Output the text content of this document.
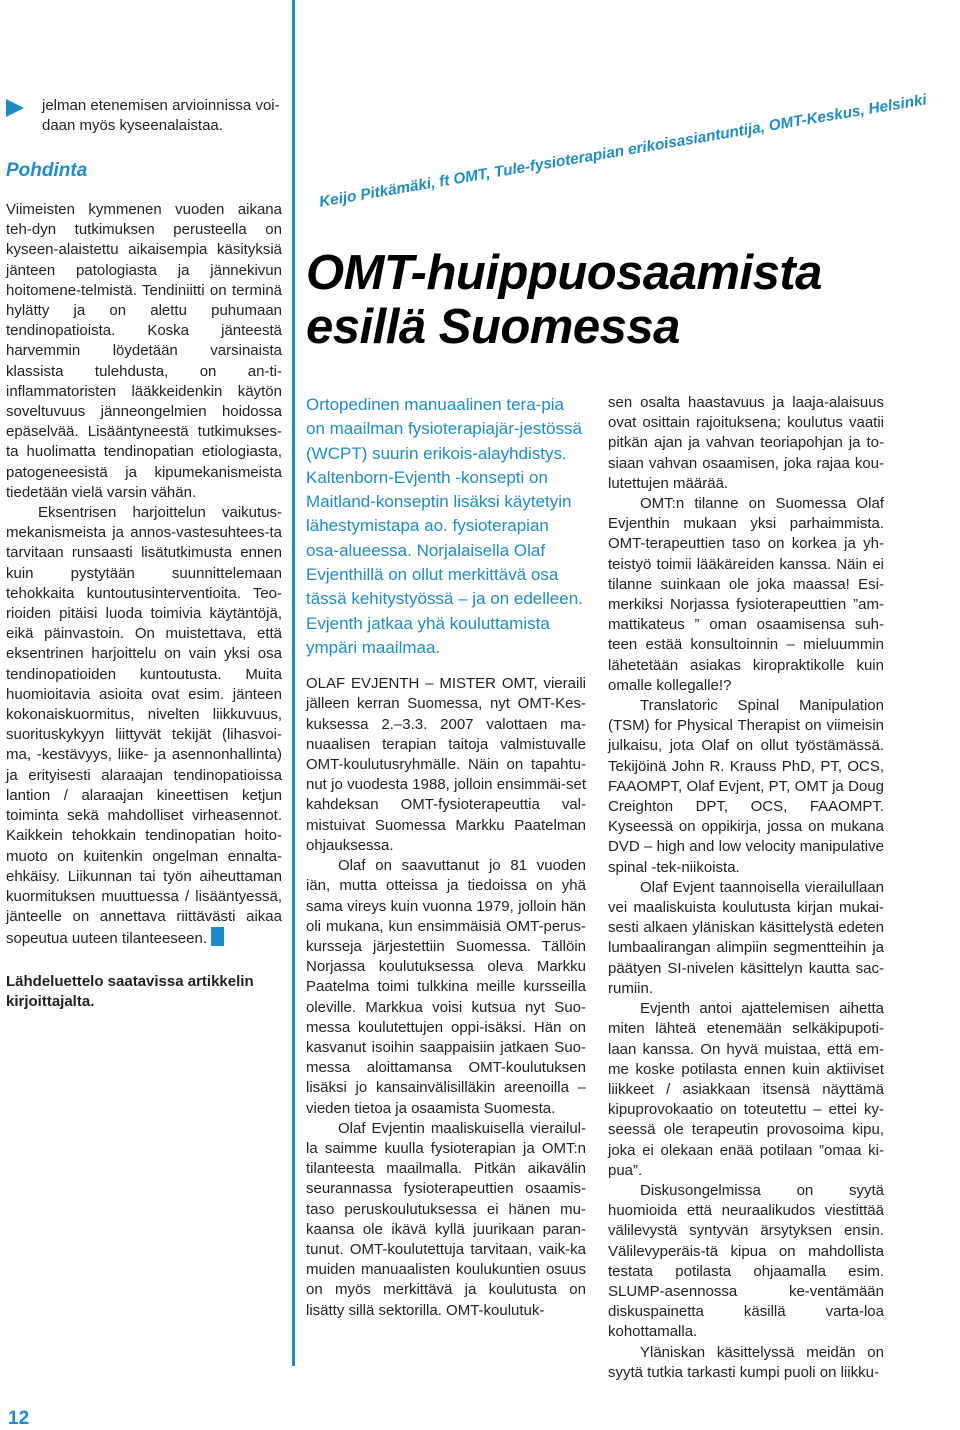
jelman etenemisen arvioinnissa voi-daan myös kyseenalaistaa.
Pohdinta

Viimeisten kymmenen vuoden aikana teh-dyn tutkimuksen perusteella on kyseen-alaistettu aikaisempia käsityksiä jänteen patologiasta ja jännekivun hoitomene-telmistä. Tendiniitti on terminä hylätty ja on alettu puhumaan tendinopatioista. Koska jänteestä harvemmin löydetään varsinaista klassista tulehdusta, on an-ti-inflammatoristen lääkkeidenkin käytön soveltuvuus jänneongelmien hoidossa epäselvää. Lisääntyneestä tutkimukses-ta huolimatta tendinopatian etiologiasta, patogeneesistä ja kipumekanismeista tiedetään vielä varsin vähän.

Eksentrisen harjoittelun vaikutus-mekanismeista ja annos-vastesuhtees-ta tarvitaan runsaasti lisätutkimusta ennen kuin pystytään suunnittelemaan tehokkaita kuntoutusinterventioita. Teo-rioiden pitäisi luoda toimivia käytäntöjä, eikä päinvastoin. On muistettava, että eksentrinen harjoittelu on vain yksi osa tendinopatioiden kuntoutusta. Muita huomioitavia asioita ovat esim. jänteen kokonaiskuormitus, nivelten liikkuvuus, suorituskykyyn liittyvät tekijät (lihasvoi-ma, -kestävyys, liike- ja asennonhallinta) ja erityisesti alaraajan tendinopatioissa lantion / alaraajan kineettisen ketjun toiminta sekä mahdolliset virheasennot. Kaikkein tehokkain tendinopatian hoito-muoto on kuitenkin ongelman ennalta-ehkäisy. Liikunnan tai työn aiheuttaman kuormituksen muuttuessa / lisääntyessä, jänteelle on annettava riittävästi aikaa sopeutua uuteen tilanteeseen.

Lähdeluettelo saatavissa artikkelin kirjoittajalta.
12
Keijo Pitkämäki, ft OMT, Tule-fysioterapian erikoisasiantuntija, OMT-Keskus, Helsinki
OMT-huippuosaamista
esillä Suomessa

Ortopedinen manuaalinen tera-pia on maailman fysioterapiajär-jestössä (WCPT) suurin erikois-alayhdistys. Kaltenborn-Evjenth -konsepti on Maitland-konseptin lisäksi käytetyin lähestymistapa ao. fysioterapian osa-alueessa. Norjalaisella Olaf Evjenthillä on ollut merkittävä osa tässä kehitystyössä – ja on edelleen. Evjenth jatkaa yhä kouluttamista ympäri maailmaa.

OLAF EVJENTH – MISTER OMT, vieraili jälleen kerran Suomessa, nyt OMT-Kes-kuksessa 2.–3.3. 2007 valottaen ma-nuaalisen terapian taitoja valmistuvalle OMT-koulutusryhmälle. Näin on tapahtu-nut jo vuodesta 1988, jolloin ensimmäi-set kahdeksan OMT-fysioterapeuttia val-mistuivat Suomessa Markku Paatelman ohjauksessa.

Olaf on saavuttanut jo 81 vuoden iän, mutta otteissa ja tiedoissa on yhä sama vireys kuin vuonna 1979, jolloin hän oli mukana, kun ensimmäisiä OMT-perus-kursseja järjestettiin Suomessa. Tällöin Norjassa koulutuksessa oleva Markku Paatelma toimi tulkkina meille kursseilla oleville. Markkua voisi kutsua nyt Suo-messa koulutettujen oppi-isäksi. Hän on kasvanut isoihin saappaisiin jatkaen Suo-messa aloittamansa OMT-koulutuksen lisäksi jo kansainvälisilläkin areenoilla – vieden tietoa ja osaamista Suomesta.

Olaf Evjentin maaliskuisella vierailul-la saimme kuulla fysioterapian ja OMT:n tilanteesta maailmalla. Pitkän aikavälin seurannassa fysioterapeuttien osaamis-taso peruskoulutuksessa ei hänen mu-kaansa ole ikävä kyllä juurikaan paran-tunut. OMT-koulutettuja tarvitaan, vaik-ka muiden manuaalisten koulukuntien osuus on myös merkittävä ja koulutusta on lisätty sillä sektorilla. OMT-koulutuk-

sen osalta haastavuus ja laaja-alaisuus ovat osittain rajoituksena; koulutus vaatii pitkän ajan ja vahvan teoriapohjan ja to-siaan vahvan osaamisen, joka rajaa kou-lutettujen määrää.

OMT:n tilanne on Suomessa Olaf Evjenthin mukaan yksi parhaimmista. OMT-terapeuttien taso on korkea ja yh-teistyö toimii lääkäreiden kanssa. Näin ei tilanne suinkaan ole joka maassa! Esi-merkiksi Norjassa fysioterapeuttien ”am-mattikateus ” oman osaamisensa suh-teen estää konsultoinnin – mieluummin lähetetään asiakas kiropraktikolle kuin omalle kollegalle!?

Translatoric Spinal Manipulation (TSM) for Physical Therapist on viimeisin julkaisu, jota Olaf on ollut työstämässä. Tekijöinä John R. Krauss PhD, PT, OCS, FAAOMPT, Olaf Evjent, PT, OMT ja Doug Creighton DPT, OCS, FAAOMPT. Kyseessä on oppikirja, jossa on mukana DVD – high and low velocity manipulative spinal -tek-niikoista.

Olaf Evjent taannoisella vierailullaan vei maaliskuista koulutusta kirjan mukai-sesti alkaen yläniskan käsittelystä edeten lumbaalirangan alimpiin segmentteihin ja päätyen SI-nivelen käsittelyn kautta sac-rumiin.

Evjenth antoi ajattelemisen aihetta miten lähteä etenemään selkäkipupoti-laan kanssa. On hyvä muistaa, että em-me koske potilasta ennen kuin aktiiviset liikkeet / asiakkaan itsensä näyttämä kipuprovokaatio on toteutettu – ettei ky-seessä ole terapeutin provosoima kipu, joka ei olekaan enää potilaan ”omaa ki-pua”.

Diskusongelmissa on syytä huomioida että neuraalikudos viestittää välilevystä syntyvän ärsytyksen ensin. Välilevyperäis-tä kipua on mahdollista testata potilasta ohjaamalla esim. SLUMP-asennossa ke-ventämään diskuspainetta käsillä varta-loa kohottamalla.

Yläniskan käsittelyssä meidän on syytä tutkia tarkasti kumpi puoli on liikku-
